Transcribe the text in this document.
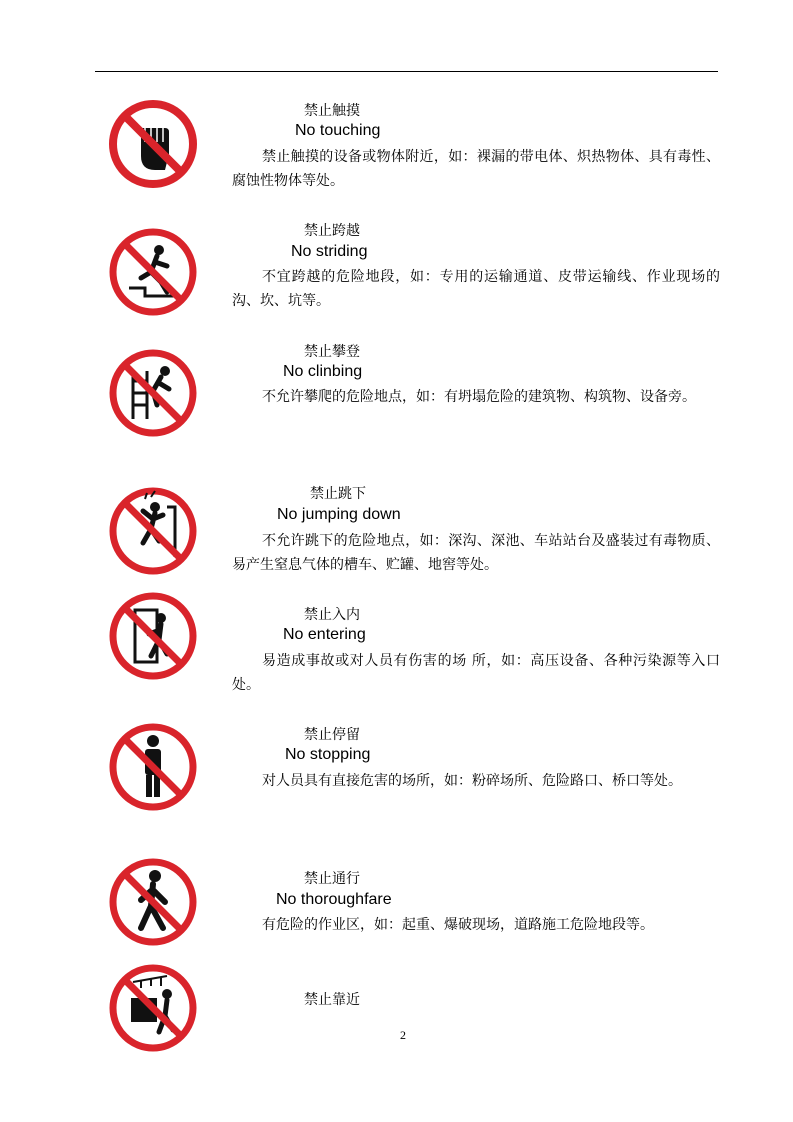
禁止触摸
No touching

禁止触摸的设备或物体附近，如：裸漏的带电体、炽热物体、具有毒性、腐蚀性物体等处。

禁止跨越
No striding

不宜跨越的危险地段，如：专用的运输通道、皮带运输线、作业现场的沟、坎、坑等。

禁止攀登
No clinbing

不允许攀爬的危险地点，如：有坍塌危险的建筑物、构筑物、设备旁。

禁止跳下
No jumping down

不允许跳下的危险地点，如：深沟、深池、车站站台及盛装过有毒物质、易产生窒息气体的槽车、贮罐、地窖等处。

禁止入内
No entering

易造成事故或对人员有伤害的场 所，如：高压设备、各种污染源等入口处。

禁止停留
No stopping

对人员具有直接危害的场所，如：粉碎场所、危险路口、桥口等处。

禁止通行
No thoroughfare

有危险的作业区，如：起重、爆破现场，道路施工危险地段等。

禁止靠近
2
